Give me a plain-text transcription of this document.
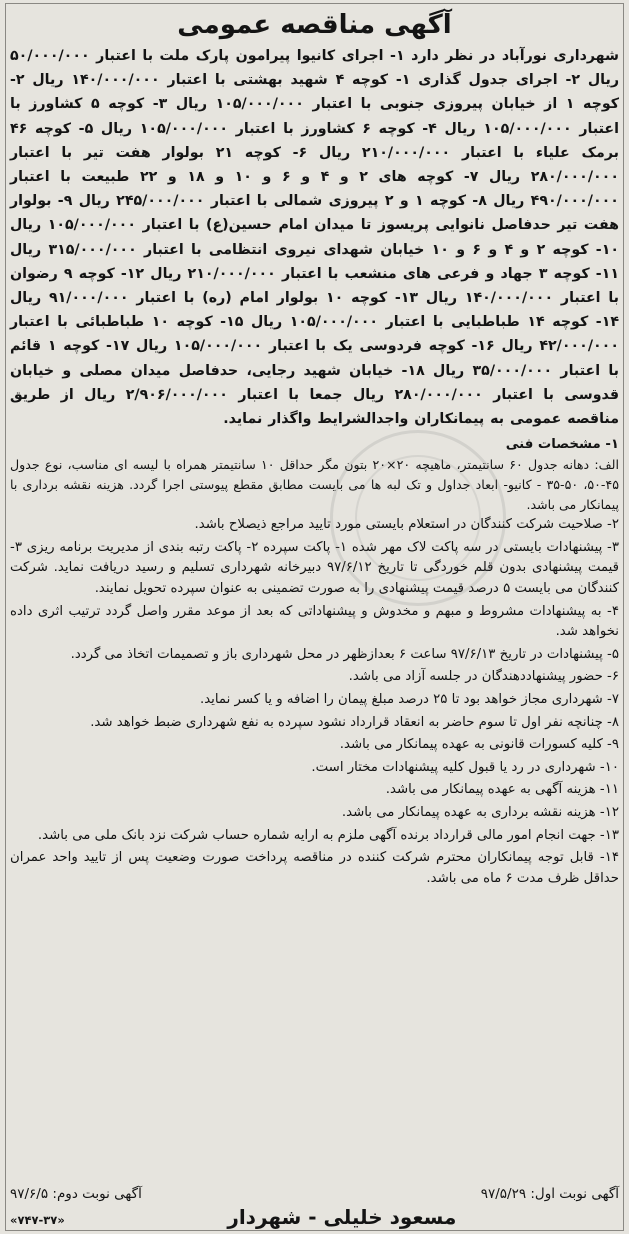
آگهی مناقصه عمومی

شهرداری نورآباد در نظر دارد ۱- اجرای کانیوا پیرامون پارک ملت با اعتبار ۵۰/۰۰۰/۰۰۰ ریال ۲- اجرای جدول گذاری ۱- کوچه ۴ شهید بهشتی با اعتبار ۱۴۰/۰۰۰/۰۰۰ ریال ۲- کوچه ۱ از خیابان پیروزی جنوبی با اعتبار ۱۰۵/۰۰۰/۰۰۰ ریال ۳- کوچه ۵ کشاورز با اعتبار ۱۰۵/۰۰۰/۰۰۰ ریال ۴- کوچه ۶ کشاورز با اعتبار ۱۰۵/۰۰۰/۰۰۰ ریال ۵- کوچه ۴۶ برمک علیاء با اعتبار ۲۱۰/۰۰۰/۰۰۰ ریال ۶- کوچه ۲۱ بولوار هفت تیر با اعتبار ۲۸۰/۰۰۰/۰۰۰ ریال ۷- کوچه های ۲ و ۴ و ۶ و ۱۰ و ۱۸ و ۲۲ طبیعت با اعتبار ۴۹۰/۰۰۰/۰۰۰ ریال ۸- کوچه ۱ و ۲ پیروزی شمالی با اعتبار ۲۴۵/۰۰۰/۰۰۰ ریال ۹- بولوار هفت تیر حدفاصل نانوایی پریسوز تا میدان امام حسین(ع) با اعتبار ۱۰۵/۰۰۰/۰۰۰ ریال ۱۰- کوچه ۲ و ۴ و ۶ و ۱۰ خیابان شهدای نیروی انتظامی با اعتبار ۳۱۵/۰۰۰/۰۰۰ ریال ۱۱- کوچه ۳ جهاد و فرعی های منشعب با اعتبار ۲۱۰/۰۰۰/۰۰۰ ریال ۱۲- کوچه ۹ رضوان با اعتبار ۱۴۰/۰۰۰/۰۰۰ ریال ۱۳- کوچه ۱۰ بولوار امام (ره) با اعتبار ۹۱/۰۰۰/۰۰۰ ریال ۱۴- کوچه ۱۴ طباطبایی با اعتبار ۱۰۵/۰۰۰/۰۰۰ ریال ۱۵- کوچه ۱۰ طباطبائی با اعتبار ۴۲/۰۰۰/۰۰۰ ریال ۱۶- کوچه فردوسی یک با اعتبار ۱۰۵/۰۰۰/۰۰۰ ریال ۱۷- کوچه ۱ قائم با اعتبار ۳۵/۰۰۰/۰۰۰ ریال ۱۸- خیابان شهید رجایی، حدفاصل میدان مصلی و خیابان قدوسی با اعتبار ۲۸۰/۰۰۰/۰۰۰ ریال جمعا با اعتبار ۲/۹۰۶/۰۰۰/۰۰۰ ریال از طریق مناقصه عمومی به پیمانکاران واجدالشرایط واگذار نماید.

۱- مشخصات فنی

الف: دهانه جدول ۶۰ سانتیمتر، ماهیچه ۲۰×۲۰ بتون مگر حداقل ۱۰ سانتیمتر همراه با لیسه ای مناسب، نوع جدول ۴۵-۵۰، ۵۰-۳۵ - کانیو- ابعاد جداول و تک لبه ها می بایست مطابق مقطع پیوستی اجرا گردد. هزینه نقشه برداری با پیمانکار می باشد.

۲- صلاحیت شرکت کنندگان در استعلام بایستی مورد تایید مراجع ذیصلاح باشد.
۳- پیشنهادات بایستی در سه پاکت لاک مهر شده ۱- پاکت سپرده ۲- پاکت رتبه بندی از مدیریت برنامه ریزی ۳- قیمت پیشنهادی بدون قلم خوردگی تا تاریخ ۹۷/۶/۱۲ دبیرخانه شهرداری تسلیم و رسید دریافت نماید. شرکت کنندگان می بایست ۵ درصد قیمت پیشنهادی را به صورت تضمینی به عنوان سپرده تحویل نمایند.
۴- به پیشنهادات مشروط و مبهم و مخدوش و پیشنهاداتی که بعد از موعد مقرر واصل گردد ترتیب اثری داده نخواهد شد.
۵- پیشنهادات در تاریخ ۹۷/۶/۱۳ ساعت ۶ بعدازظهر در محل شهرداری باز و تصمیمات اتخاذ می گردد.
۶- حضور پیشنهاددهندگان در جلسه آزاد می باشد.
۷- شهرداری مجاز خواهد بود تا ۲۵ درصد مبلغ پیمان را اضافه و یا کسر نماید.
۸- چنانچه نفر اول تا سوم حاضر به انعقاد قرارداد نشود سپرده به نفع شهرداری ضبط خواهد شد.
۹- کلیه کسورات قانونی به عهده پیمانکار می باشد.
۱۰- شهرداری در رد یا قبول کلیه پیشنهادات مختار است.
۱۱- هزینه آگهی به عهده پیمانکار می باشد.
۱۲- هزینه نقشه برداری به عهده پیمانکار می باشد.
۱۳- جهت انجام امور مالی قرارداد برنده آگهی ملزم به ارایه شماره حساب شرکت نزد بانک ملی می باشد.
۱۴- قابل توجه پیمانکاران محترم شرکت کننده در مناقصه پرداخت صورت وضعیت پس از تایید واحد عمران حداقل ظرف مدت ۶ ماه می باشد.
آگهی نوبت اول: ۹۷/۵/۲۹
آگهی نوبت دوم: ۹۷/۶/۵
مسعود خلیلی - شهردار
«۷۴۷-۳۷»
